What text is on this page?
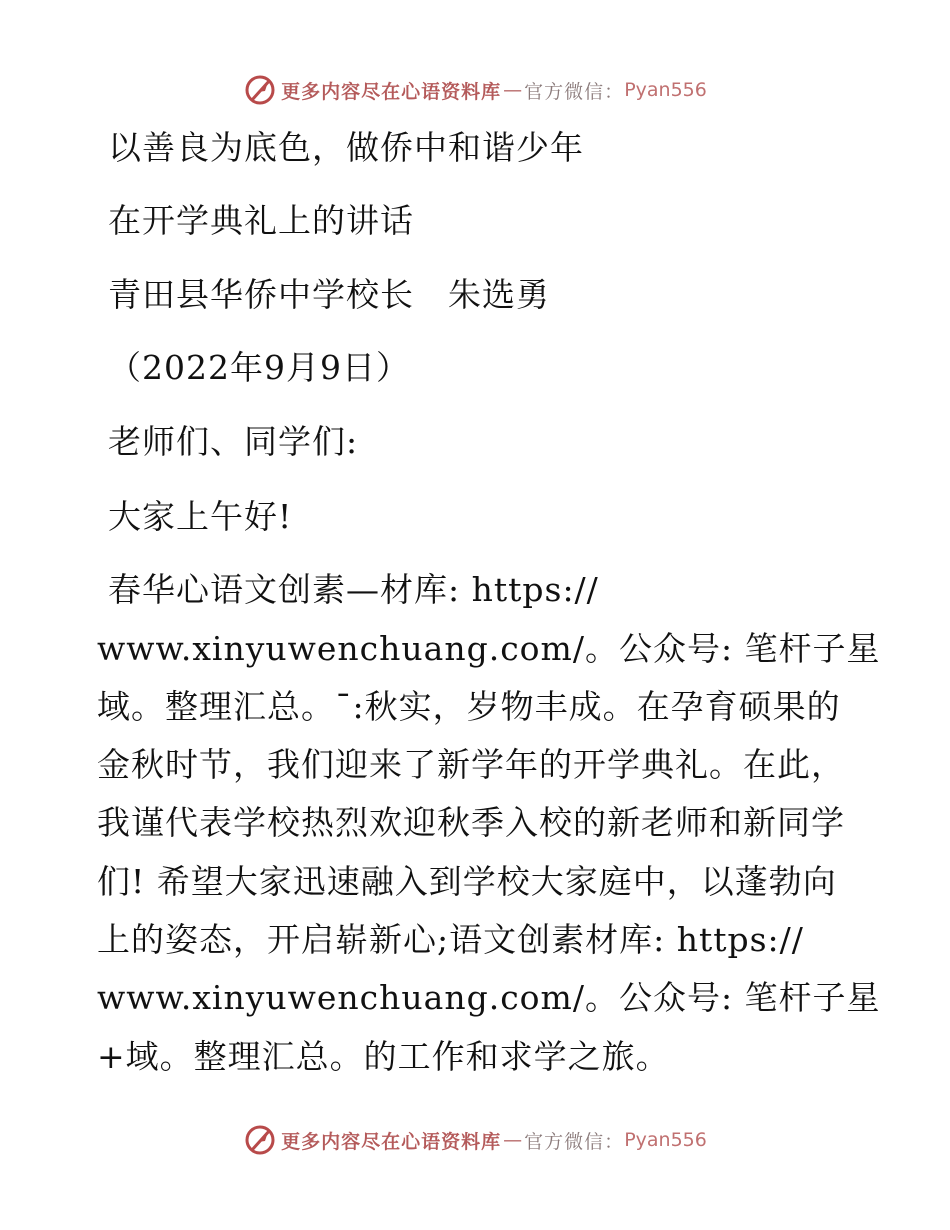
更多内容尽在心语资料库 — 官方微信： Pyan556
以善良为底色，做侨中和谐少年
在开学典礼上的讲话
青田县华侨中学校长　朱选勇
（2022年9月9日）
老师们、同学们:
大家上午好!
春华心语文创素—材库: https://
www.xinyuwenchuang.com/。公众号: 笔杆子星
域。整理汇总。¯:秋实，岁物丰成。在孕育硕果的
金秋时节，我们迎来了新学年的开学典礼。在此，
我谨代表学校热烈欢迎秋季入校的新老师和新同学
们! 希望大家迅速融入到学校大家庭中，以蓬勃向
上的姿态，开启崭新心;语文创素材库: https://
www.xinyuwenchuang.com/。公众号: 笔杆子星
+域。整理汇总。的工作和求学之旅。
更多内容尽在心语资料库 — 官方微信： Pyan556
